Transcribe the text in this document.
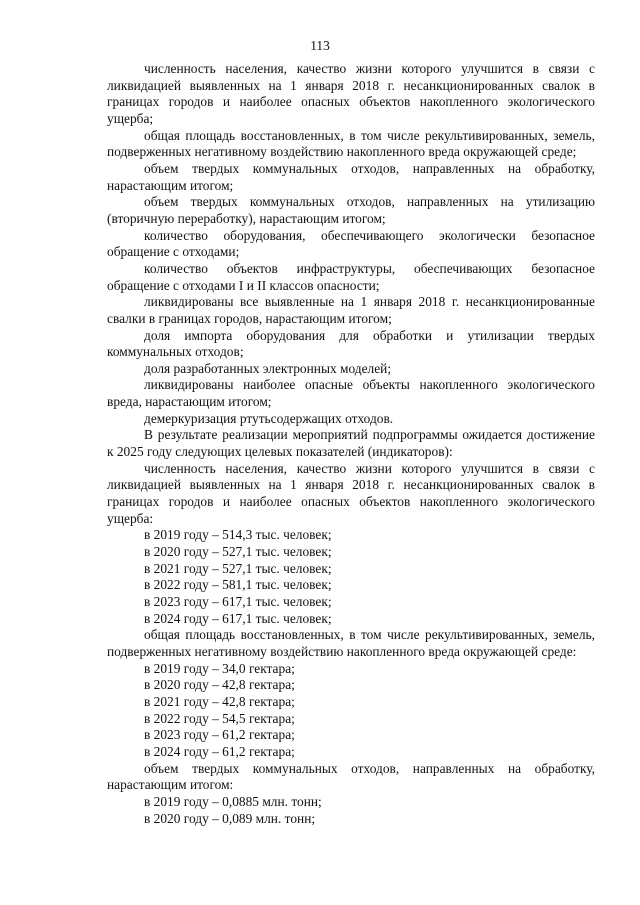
113

численность населения, качество жизни которого улучшится в связи с ликвидацией выявленных на 1 января 2018 г. несанкционированных свалок в границах городов и наиболее опасных объектов накопленного экологического ущерба;

общая площадь восстановленных, в том числе рекультивированных, земель, подверженных негативному воздействию накопленного вреда окружающей среде;

объем твердых коммунальных отходов, направленных на обработку, нарастающим итогом;

объем твердых коммунальных отходов, направленных на утилизацию (вторичную переработку), нарастающим итогом;

количество оборудования, обеспечивающего экологически безопасное обращение с отходами;

количество объектов инфраструктуры, обеспечивающих безопасное обращение с отходами I и II классов опасности;

ликвидированы все выявленные на 1 января 2018 г. несанкционированные свалки в границах городов, нарастающим итогом;

доля импорта оборудования для обработки и утилизации твердых коммунальных отходов;

доля разработанных электронных моделей;

ликвидированы наиболее опасные объекты накопленного экологического вреда, нарастающим итогом;

демеркуризация ртутьсодержащих отходов.

В результате реализации мероприятий подпрограммы ожидается достижение к 2025 году следующих целевых показателей (индикаторов):

численность населения, качество жизни которого улучшится в связи с ликвидацией выявленных на 1 января 2018 г. несанкционированных свалок в границах городов и наиболее опасных объектов накопленного экологического ущерба:

в 2019 году – 514,3 тыс. человек;

в 2020 году – 527,1 тыс. человек;

в 2021 году – 527,1 тыс. человек;

в 2022 году – 581,1 тыс. человек;

в 2023 году – 617,1 тыс. человек;

в 2024 году – 617,1 тыс. человек;

общая площадь восстановленных, в том числе рекультивированных, земель, подверженных негативному воздействию накопленного вреда окружающей среде:

в 2019 году – 34,0 гектара;

в 2020 году – 42,8 гектара;

в 2021 году – 42,8 гектара;

в 2022 году – 54,5 гектара;

в 2023 году – 61,2 гектара;

в 2024 году – 61,2 гектара;

объем твердых коммунальных отходов, направленных на обработку, нарастающим итогом:

в 2019 году – 0,0885 млн. тонн;

в 2020 году – 0,089 млн. тонн;
